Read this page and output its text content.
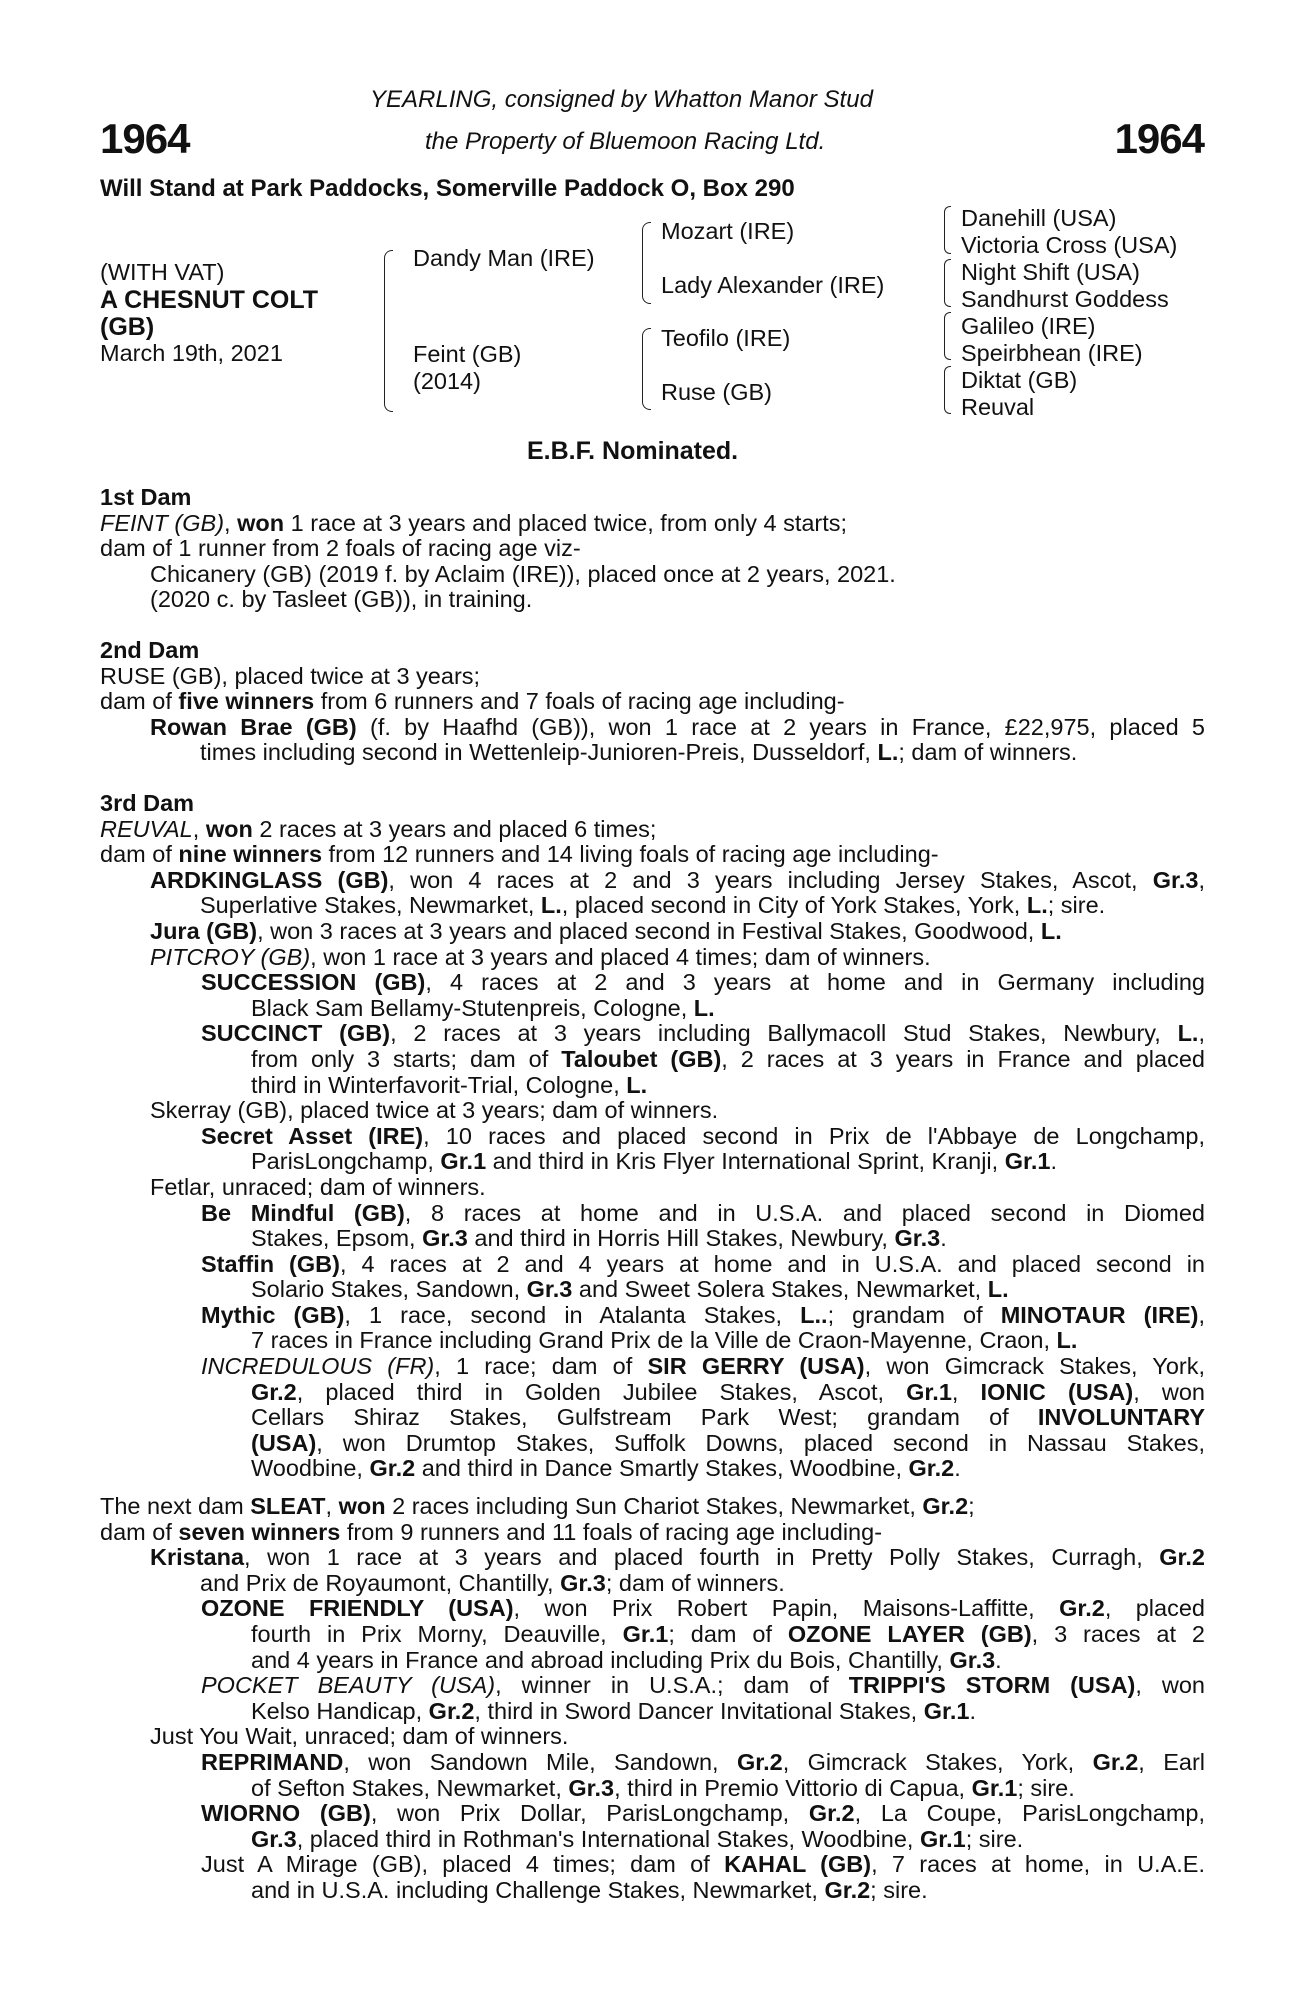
1964	1964
YEARLING, consigned by Whatton Manor Stud
the Property of Bluemoon Racing Ltd.
Will Stand at Park Paddocks, Somerville Paddock O, Box 290
(WITH VAT)
A CHESNUT COLT
(GB)
March 19th, 2021
Dandy Man (IRE)
Feint (GB)
(2014)
Mozart (IRE)
Lady Alexander (IRE)
Teofilo (IRE)
Ruse (GB)
Danehill (USA)
Victoria Cross (USA)
Night Shift (USA)
Sandhurst Goddess
Galileo (IRE)
Speirbhean (IRE)
Diktat (GB)
Reuval
E.B.F. Nominated.
1st Dam
FEINT (GB), won 1 race at 3 years and placed twice, from only 4 starts;
dam of 1 runner from 2 foals of racing age viz-
Chicanery (GB) (2019 f. by Aclaim (IRE)), placed once at 2 years, 2021.
(2020 c. by Tasleet (GB)), in training.
2nd Dam
RUSE (GB), placed twice at 3 years;
dam of five winners from 6 runners and 7 foals of racing age including-
Rowan Brae (GB) (f. by Haafhd (GB)), won 1 race at 2 years in France, £22,975, placed 5
times including second in Wettenleip-Junioren-Preis, Dusseldorf, L.; dam of winners.
3rd Dam
REUVAL, won 2 races at 3 years and placed 6 times;
dam of nine winners from 12 runners and 14 living foals of racing age including-
ARDKINGLASS (GB), won 4 races at 2 and 3 years including Jersey Stakes, Ascot, Gr.3,
Superlative Stakes, Newmarket, L., placed second in City of York Stakes, York, L.; sire.
Jura (GB), won 3 races at 3 years and placed second in Festival Stakes, Goodwood, L.
PITCROY (GB), won 1 race at 3 years and placed 4 times; dam of winners.
SUCCESSION (GB), 4 races at 2 and 3 years at home and in Germany including
Black Sam Bellamy-Stutenpreis, Cologne, L.
SUCCINCT (GB), 2 races at 3 years including Ballymacoll Stud Stakes, Newbury, L.,
from only 3 starts; dam of Taloubet (GB), 2 races at 3 years in France and placed
third in Winterfavorit-Trial, Cologne, L.
Skerray (GB), placed twice at 3 years; dam of winners.
Secret Asset (IRE), 10 races and placed second in Prix de l'Abbaye de Longchamp,
ParisLongchamp, Gr.1 and third in Kris Flyer International Sprint, Kranji, Gr.1.
Fetlar, unraced; dam of winners.
Be Mindful (GB), 8 races at home and in U.S.A. and placed second in Diomed
Stakes, Epsom, Gr.3 and third in Horris Hill Stakes, Newbury, Gr.3.
Staffin (GB), 4 races at 2 and 4 years at home and in U.S.A. and placed second in
Solario Stakes, Sandown, Gr.3 and Sweet Solera Stakes, Newmarket, L.
Mythic (GB), 1 race, second in Atalanta Stakes, L..; grandam of MINOTAUR (IRE),
7 races in France including Grand Prix de la Ville de Craon-Mayenne, Craon, L.
INCREDULOUS (FR), 1 race; dam of SIR GERRY (USA), won Gimcrack Stakes, York,
Gr.2, placed third in Golden Jubilee Stakes, Ascot, Gr.1, IONIC (USA), won
Cellars Shiraz Stakes, Gulfstream Park West; grandam of INVOLUNTARY
(USA), won Drumtop Stakes, Suffolk Downs, placed second in Nassau Stakes,
Woodbine, Gr.2 and third in Dance Smartly Stakes, Woodbine, Gr.2.
The next dam SLEAT, won 2 races including Sun Chariot Stakes, Newmarket, Gr.2;
dam of seven winners from 9 runners and 11 foals of racing age including-
Kristana, won 1 race at 3 years and placed fourth in Pretty Polly Stakes, Curragh, Gr.2
and Prix de Royaumont, Chantilly, Gr.3; dam of winners.
OZONE FRIENDLY (USA), won Prix Robert Papin, Maisons-Laffitte, Gr.2, placed
fourth in Prix Morny, Deauville, Gr.1; dam of OZONE LAYER (GB), 3 races at 2
and 4 years in France and abroad including Prix du Bois, Chantilly, Gr.3.
POCKET BEAUTY (USA), winner in U.S.A.; dam of TRIPPI'S STORM (USA), won
Kelso Handicap, Gr.2, third in Sword Dancer Invitational Stakes, Gr.1.
Just You Wait, unraced; dam of winners.
REPRIMAND, won Sandown Mile, Sandown, Gr.2, Gimcrack Stakes, York, Gr.2, Earl
of Sefton Stakes, Newmarket, Gr.3, third in Premio Vittorio di Capua, Gr.1; sire.
WIORNO (GB), won Prix Dollar, ParisLongchamp, Gr.2, La Coupe, ParisLongchamp,
Gr.3, placed third in Rothman's International Stakes, Woodbine, Gr.1; sire.
Just A Mirage (GB), placed 4 times; dam of KAHAL (GB), 7 races at home, in U.A.E.
and in U.S.A. including Challenge Stakes, Newmarket, Gr.2; sire.
